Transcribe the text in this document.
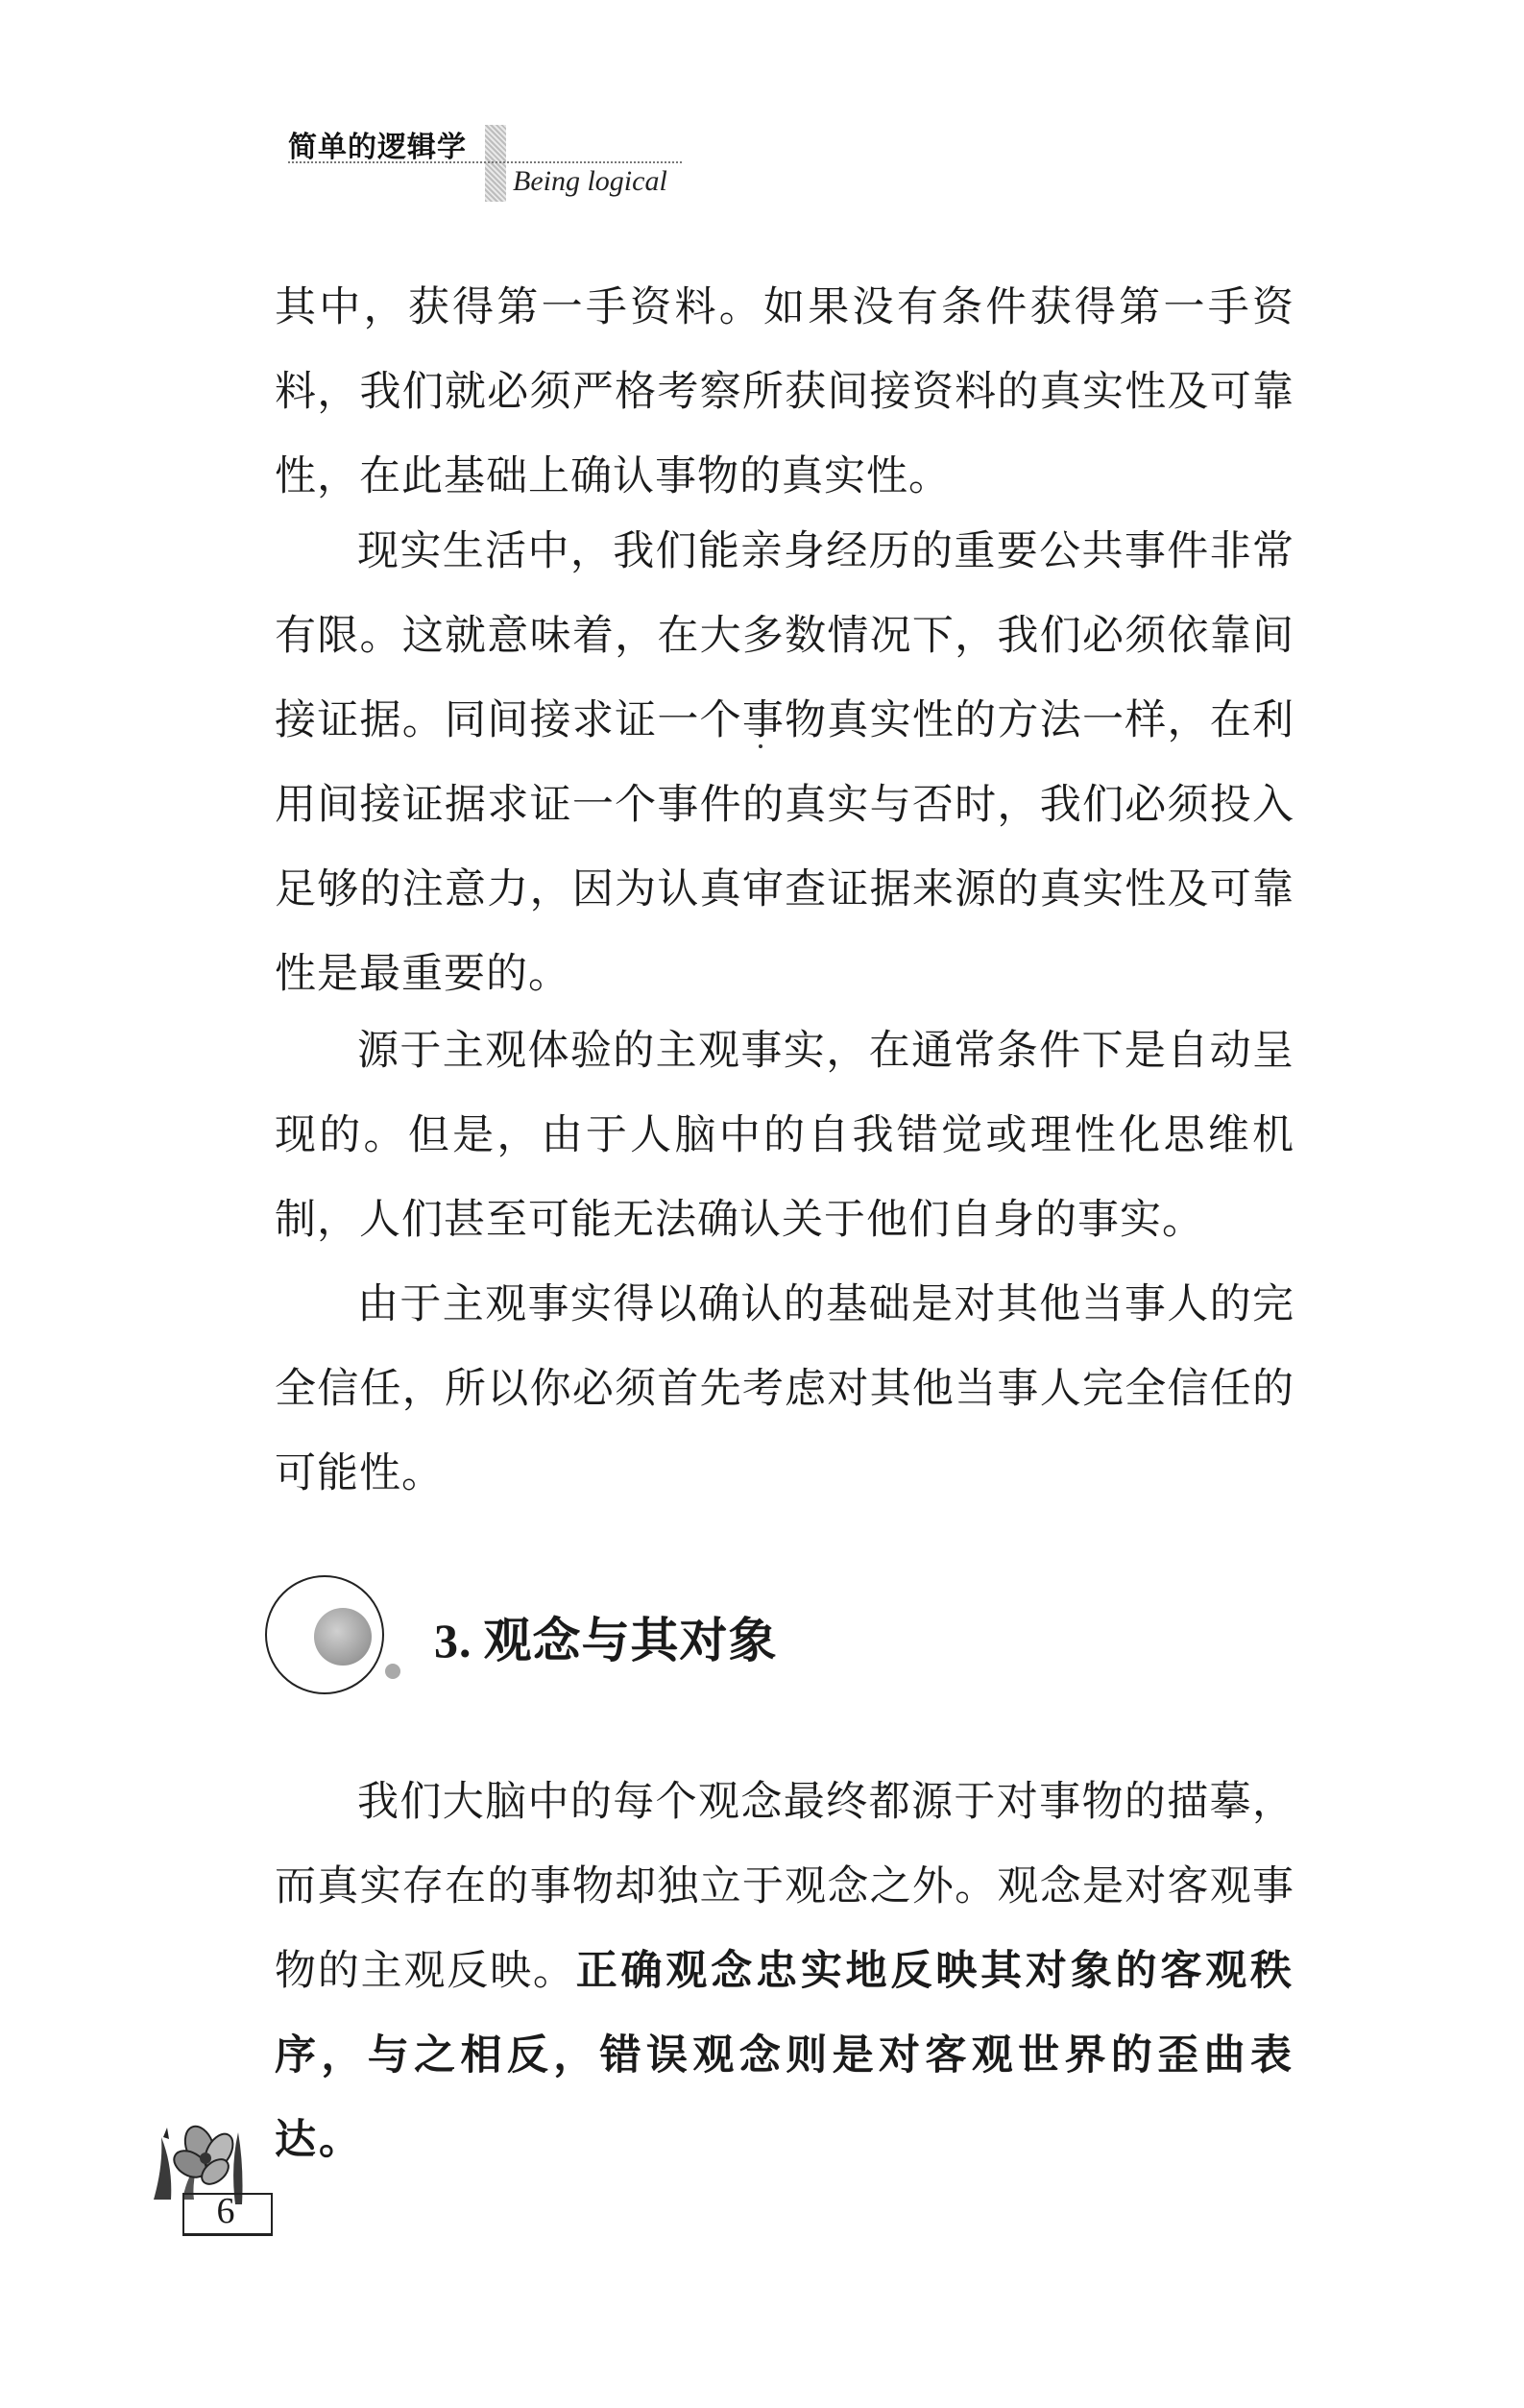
简单的逻辑学
Being logical

其中，获得第一手资料。如果没有条件获得第一手资料，我们就必须严格考察所获间接资料的真实性及可靠性，在此基础上确认事物的真实性。

现实生活中，我们能亲身经历的重要公共事件非常有限。这就意味着，在大多数情况下，我们必须依靠间接证据。同间接求证一个事物真实性的方法一样，在利用间接证据求证一个事件的真实与否时，我们必须投入足够的注意力，因为认真审查证据来源的真实性及可靠性是最重要的。

源于主观体验的主观事实，在通常条件下是自动呈现的。但是，由于人脑中的自我错觉或理性化思维机制，人们甚至可能无法确认关于他们自身的事实。

由于主观事实得以确认的基础是对其他当事人的完全信任，所以你必须首先考虑对其他当事人完全信任的可能性。

3. 观念与其对象

我们大脑中的每个观念最终都源于对事物的描摹，而真实存在的事物却独立于观念之外。观念是对客观事物的主观反映。正确观念忠实地反映其对象的客观秩序，与之相反，错误观念则是对客观世界的歪曲表达。

6
